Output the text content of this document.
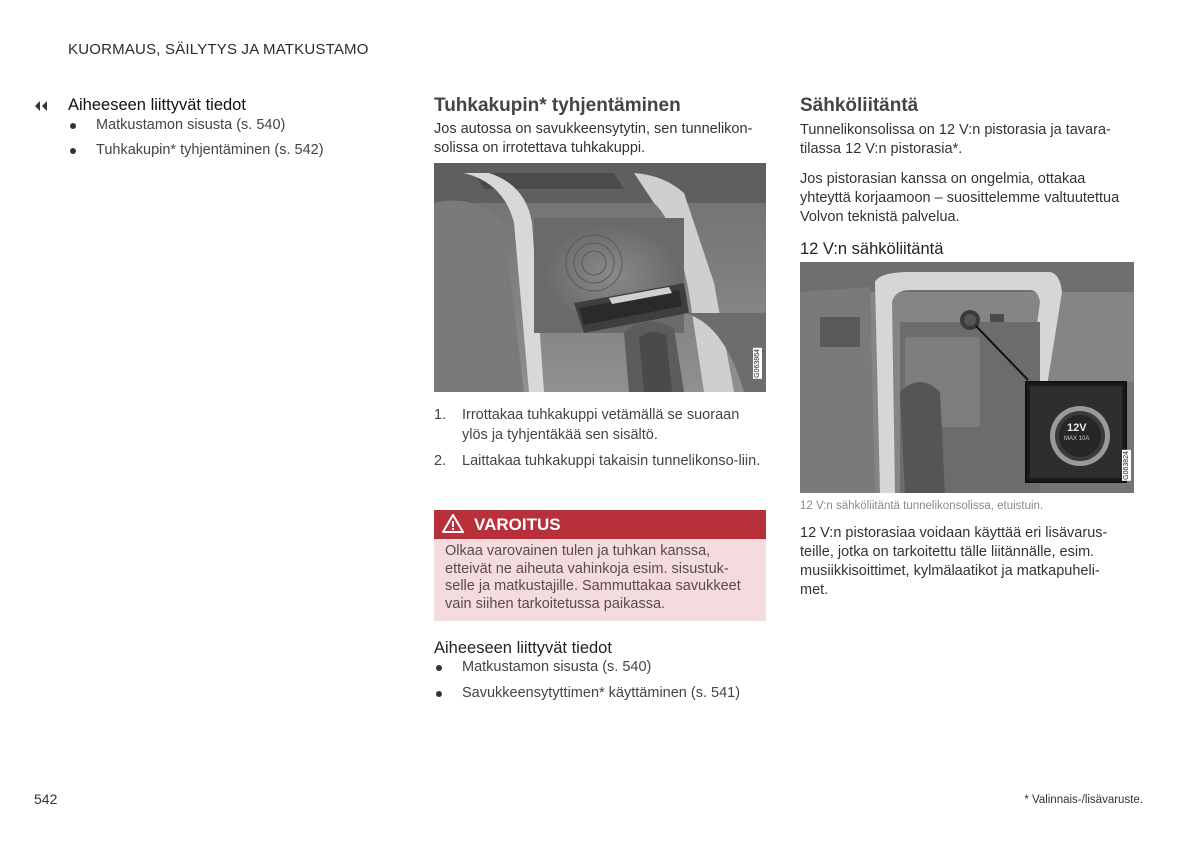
KUORMAUS, SÄILYTYS JA MATKUSTAMO
Aiheeseen liittyvät tiedot
Matkustamon sisusta (s. 540)
Tuhkakupin* tyhjentäminen (s. 542)
Tuhkakupin* tyhjentäminen

Jos autossa on savukkeensytytin, sen tunnelikon-
solissa on irrotettava tuhkakuppi.

G063864
1. Irrottakaa tuhkakuppi vetämällä se suoraan ylös ja tyhjentäkää sen sisältö.
2. Laittakaa tuhkakuppi takaisin tunnelikonso-liin.
VAROITUS
Olkaa varovainen tulen ja tuhkan kanssa, etteivät ne aiheuta vahinkoja esim. sisustuk-selle ja matkustajille. Sammuttakaa savukkeet vain siihen tarkoitetussa paikassa.
Aiheeseen liittyvät tiedot
Matkustamon sisusta (s. 540)
Savukkeensytyttimen* käyttäminen (s. 541)
Sähköliitäntä

Tunnelikonsolissa on 12 V:n pistorasia ja tavara-tilassa 12 V:n pistorasia*.

Jos pistorasian kanssa on ongelmia, ottakaa yhteyttä korjaamoon – suosittelemme valtuutettua Volvon teknistä palvelua.

12 V:n sähköliitäntä
12V
MAX 10A
G063824
12 V:n sähköliitäntä tunnelikonsolissa, etuistuin.

12 V:n pistorasiaa voidaan käyttää eri lisävarus-teille, jotka on tarkoitettu tälle liitännälle, esim. musiikkisoittimet, kylmälaatikot ja matkapuheli-met.

542	* Valinnais-/lisävaruste.
